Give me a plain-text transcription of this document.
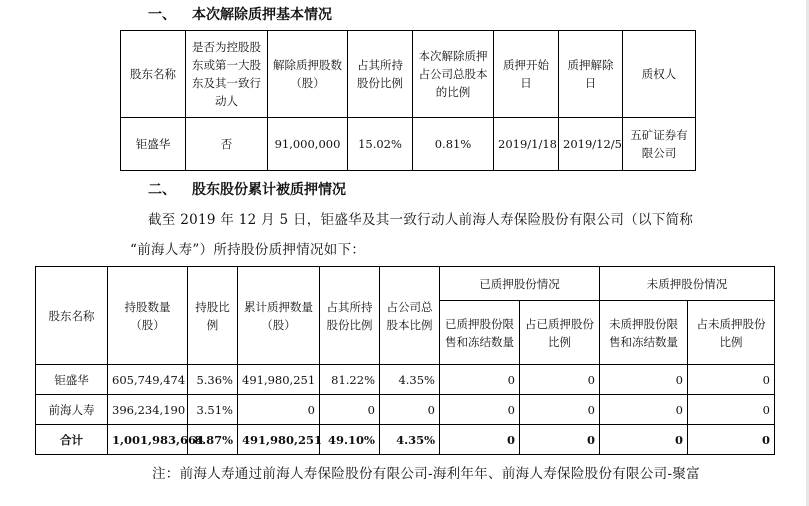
一、 本次解除质押基本情况
股东名称	是否为控股股东或第一大股东及其一致行动人	解除质押股数（股）	占其所持股份比例	本次解除质押占公司总股本的比例	质押开始日	质押解除日	质权人
钜盛华	否	91,000,000	15.02%	0.81%	2019/1/18	2019/12/5	五矿证券有限公司
二、 股东股份累计被质押情况
截至 2019 年 12 月 5 日，钜盛华及其一致行动人前海人寿保险股份有限公司（以下简称
“前海人寿”）所持股份质押情况如下：
股东名称	持股数量（股）	持股比例	累计质押数量（股）	占其所持股份比例	占公司总股本比例	已质押股份情况		未质押股份情况	
						已质押股份限售和冻结数量	占已质押股份比例	未质押股份限售和冻结数量	占未质押股份比例
钜盛华	605,749,474	5.36%	491,980,251	81.22%	4.35%	0	0	0	0
前海人寿	396,234,190	3.51%	0	0	0	0	0	0	0
合计	1,001,983,664	8.87%	491,980,251	49.10%	4.35%	0	0	0	0
注：前海人寿通过前海人寿保险股份有限公司-海利年年、前海人寿保险股份有限公司-聚富
